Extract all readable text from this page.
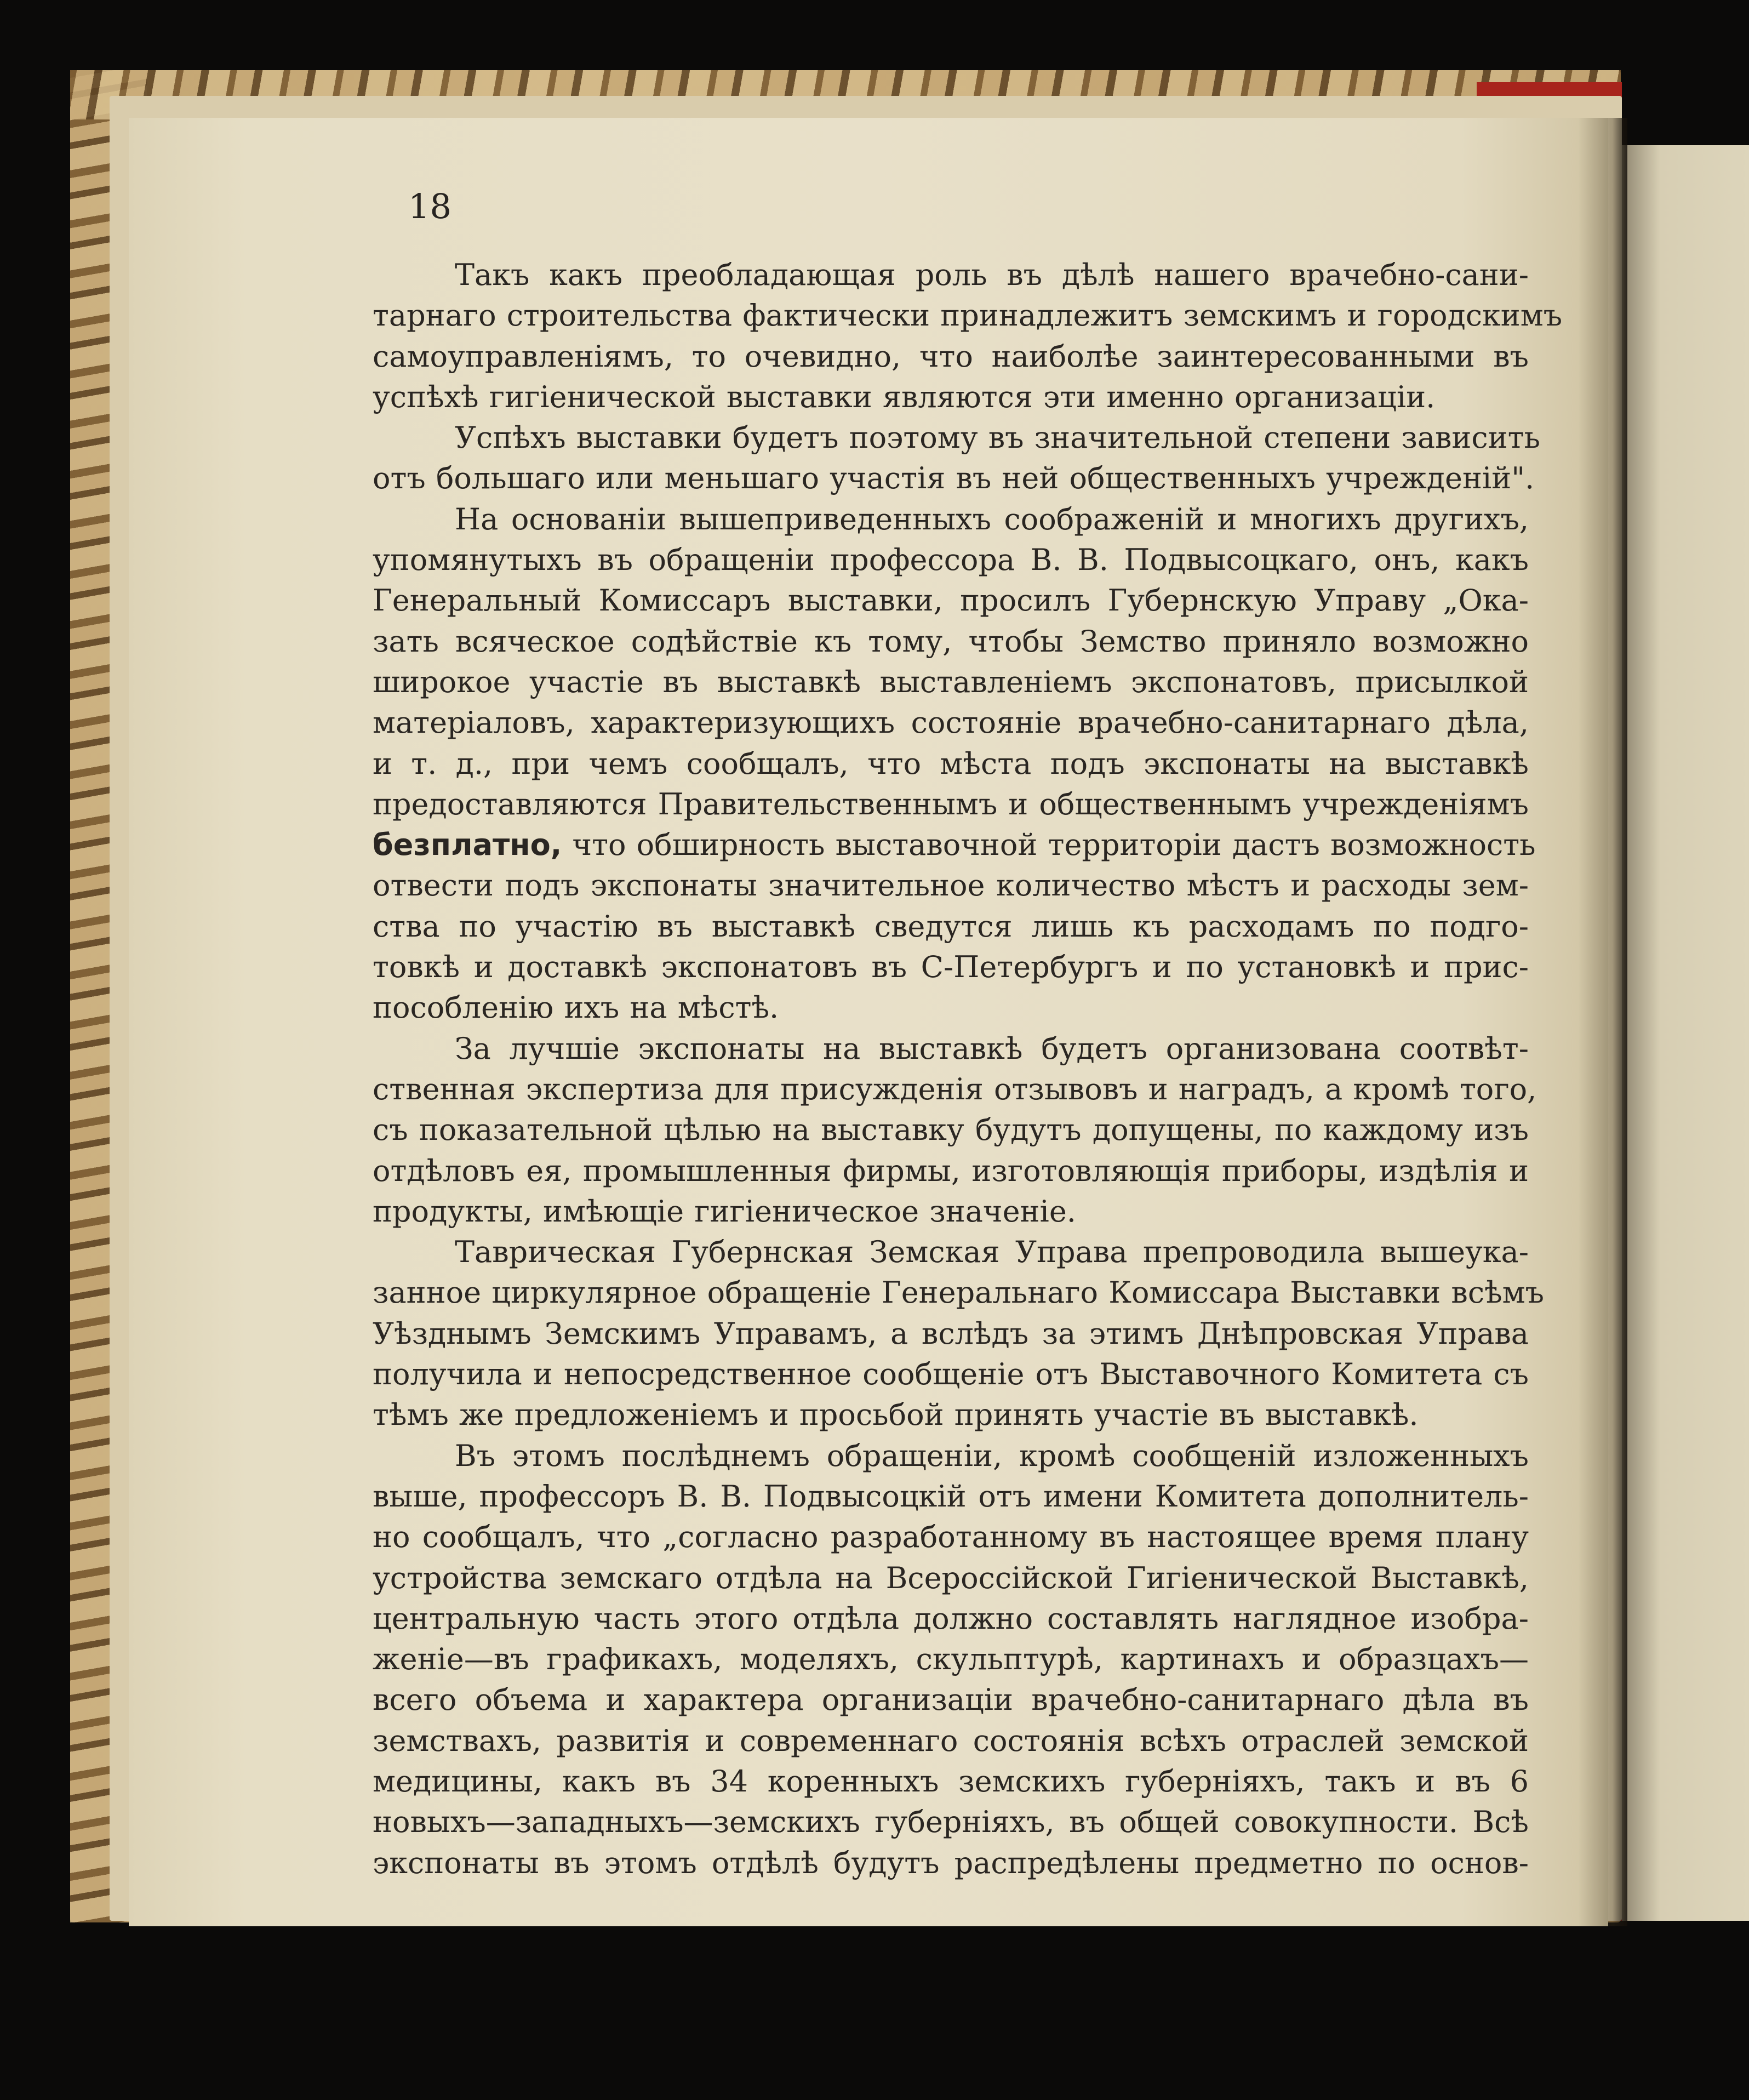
18
Такъ какъ преобладающая роль въ дѣлѣ нашего врачебно-сани-
тарнаго строительства фактически принадлежитъ земскимъ и городскимъ
самоуправленіямъ, то очевидно, что наиболѣе заинтересованными въ
успѣхѣ гигіенической выставки являются эти именно организаціи.
Успѣхъ выставки будетъ поэтому въ значительной степени зависить
отъ большаго или меньшаго участія въ ней общественныхъ учрежденій".
На основаніи вышеприведенныхъ соображеній и многихъ другихъ,
упомянутыхъ въ обращеніи профессора В. В. Подвысоцкаго, онъ, какъ
Генеральный Комиссаръ выставки, просилъ Губернскую Управу „Ока-
зать всяческое содѣйствіе къ тому, чтобы Земство приняло возможно
широкое участіе въ выставкѣ выставленіемъ экспонатовъ, присылкой
матеріаловъ, характеризующихъ состояніе врачебно-санитарнаго дѣла,
и т. д., при чемъ сообщалъ, что мѣста подъ экспонаты на выставкѣ
предоставляются Правительственнымъ и общественнымъ учрежденіямъ
безплатно, что обширность выставочной территоріи дастъ возможность
отвести подъ экспонаты значительное количество мѣстъ и расходы зем-
ства по участію въ выставкѣ сведутся лишь къ расходамъ по подго-
товкѣ и доставкѣ экспонатовъ въ С-Петербургъ и по установкѣ и прис-
пособленію ихъ на мѣстѣ.
За лучшіе экспонаты на выставкѣ будетъ организована соотвѣт-
ственная экспертиза для присужденія отзывовъ и наградъ, а кромѣ того,
съ показательной цѣлью на выставку будутъ допущены, по каждому изъ
отдѣловъ ея, промышленныя фирмы, изготовляющія приборы, издѣлія и
продукты, имѣющіе гигіеническое значеніе.
Таврическая Губернская Земская Управа препроводила вышеука-
занное циркулярное обращеніе Генеральнаго Комиссара Выставки всѣмъ
Уѣзднымъ Земскимъ Управамъ, а вслѣдъ за этимъ Днѣпровская Управа
получила и непосредственное сообщеніе отъ Выставочного Комитета съ
тѣмъ же предложеніемъ и просьбой принять участіе въ выставкѣ.
Въ этомъ послѣднемъ обращеніи, кромѣ сообщеній изложенныхъ
выше, профессоръ В. В. Подвысоцкій отъ имени Комитета дополнитель-
но сообщалъ, что „согласно разработанному въ настоящее время плану
устройства земскаго отдѣла на Всероссійской Гигіенической Выставкѣ,
центральную часть этого отдѣла должно составлять наглядное изобра-
женіе—въ графикахъ, моделяхъ, скульптурѣ, картинахъ и образцахъ—
всего объема и характера организаціи врачебно-санитарнаго дѣла въ
земствахъ, развитія и современнаго состоянія всѣхъ отраслей земской
медицины, какъ въ 34 коренныхъ земскихъ губерніяхъ, такъ и въ 6
новыхъ—западныхъ—земскихъ губерніяхъ, въ общей совокупности. Всѣ
экспонаты въ этомъ отдѣлѣ будутъ распредѣлены предметно по основ-
